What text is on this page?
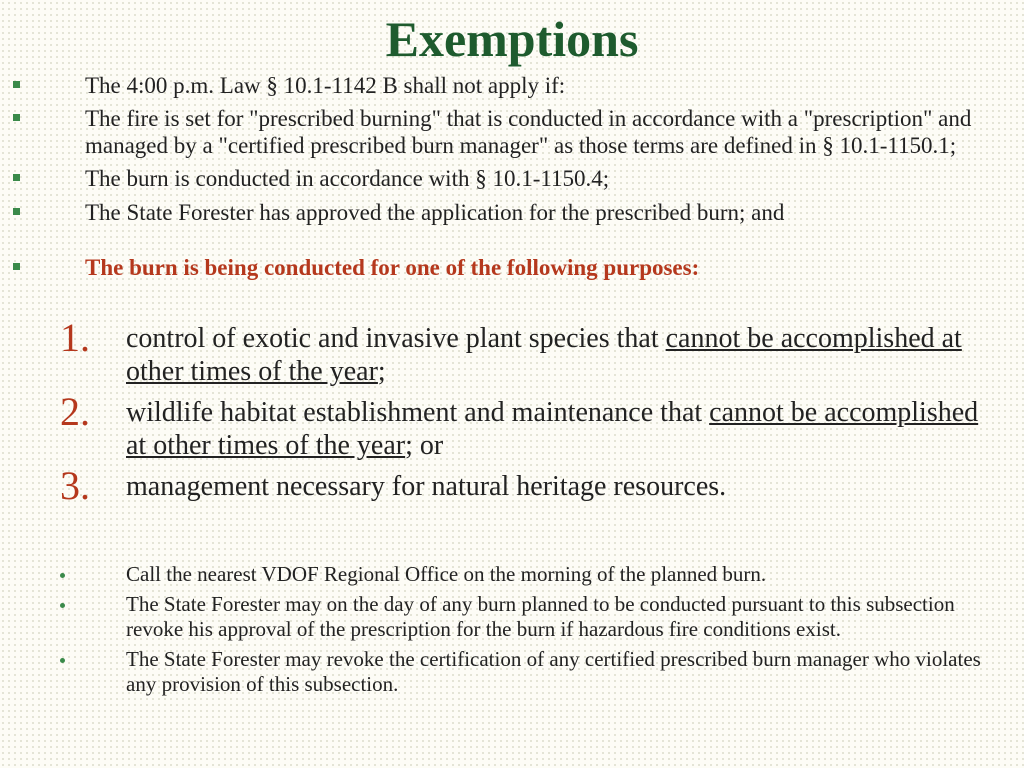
Exemptions
The 4:00 p.m. Law § 10.1-1142 B shall not apply if:
The fire is set for "prescribed burning" that is conducted in accordance with a "prescription" and managed by a "certified prescribed burn manager" as those terms are defined in § 10.1-1150.1;
The burn is conducted in accordance with § 10.1-1150.4;
The State Forester has approved the application for the prescribed burn; and
The burn is being conducted for one of the following purposes:
1. control of exotic and invasive plant species that cannot be accomplished at other times of the year;
2. wildlife habitat establishment and maintenance that cannot be accomplished at other times of the year; or
3. management necessary for natural heritage resources.
Call the nearest VDOF Regional Office on the morning of the planned burn.
The State Forester may on the day of any burn planned to be conducted pursuant to this subsection revoke his approval of the prescription for the burn if hazardous fire conditions exist.
The State Forester may revoke the certification of any certified prescribed burn manager who violates any provision of this subsection.
